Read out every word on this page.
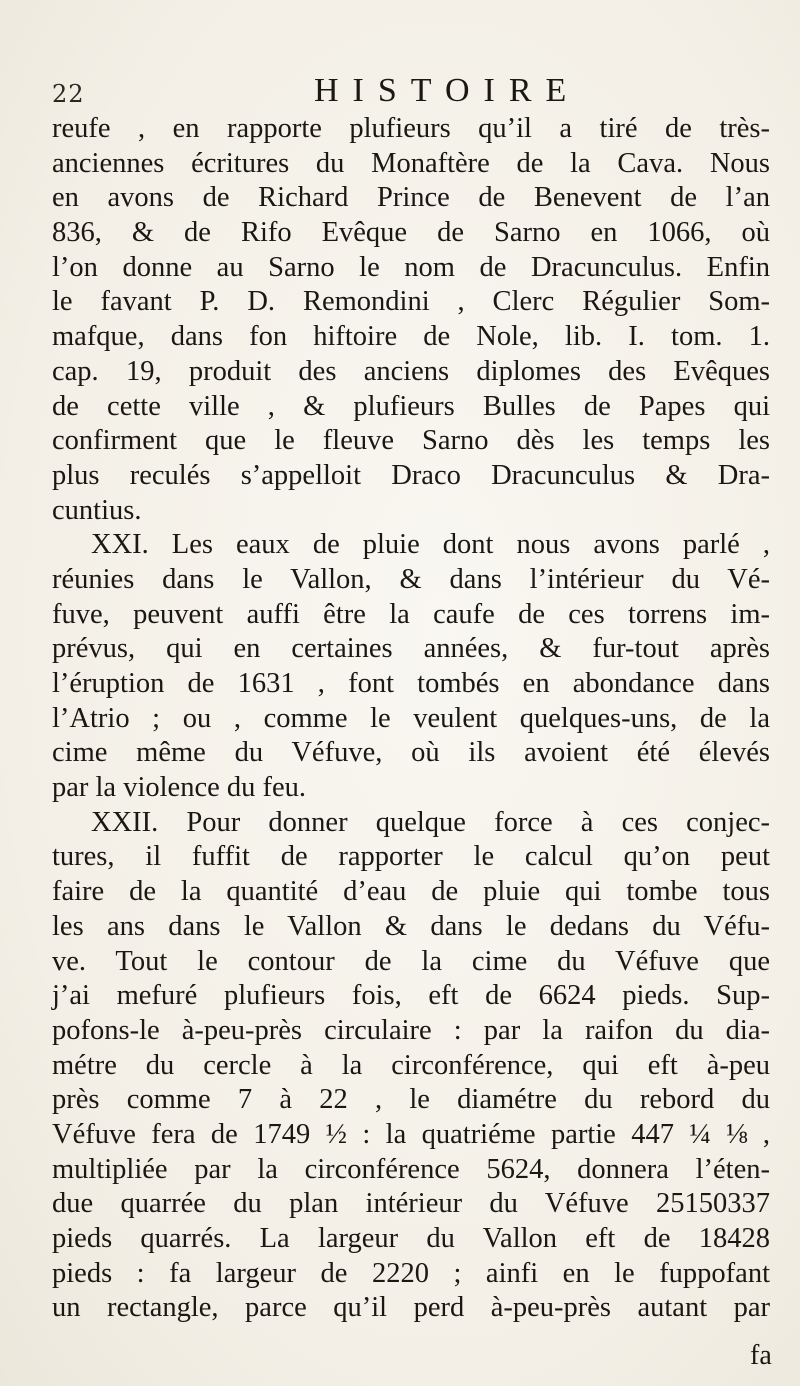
22	HISTOIRE
reufe , en rapporte plufieurs qu’il a tiré de très-
anciennes écritures du Monaftère de la Cava. Nous
en avons de Richard Prince de Benevent de l’an
836, & de Rifo Evêque de Sarno en 1066, où
l’on donne au Sarno le nom de Dracunculus. Enfin
le favant P. D. Remondini , Clerc Régulier Som-
mafque, dans fon hiftoire de Nole, lib. I. tom. 1.
cap. 19, produit des anciens diplomes des Evêques
de cette ville , & plufieurs Bulles de Papes qui
confirment que le fleuve Sarno dès les temps les
plus reculés s’appelloit Draco Dracunculus & Dra-
cuntius.
XXI. Les eaux de pluie dont nous avons parlé ,
réunies dans le Vallon, & dans l’intérieur du Vé-
fuve, peuvent auffi être la caufe de ces torrens im-
prévus, qui en certaines années, & fur-tout après
l’éruption de 1631 , font tombés en abondance dans
l’Atrio ; ou , comme le veulent quelques-uns, de la
cime même du Véfuve, où ils avoient été élevés
par la violence du feu.
XXII. Pour donner quelque force à ces conjec-
tures, il fuffit de rapporter le calcul qu’on peut
faire de la quantité d’eau de pluie qui tombe tous
les ans dans le Vallon & dans le dedans du Véfu-
ve. Tout le contour de la cime du Véfuve que
j’ai mefuré plufieurs fois, eft de 6624 pieds. Sup-
pofons-le à-peu-près circulaire : par la raifon du dia-
métre du cercle à la circonférence, qui eft à-peu
près comme 7 à 22 , le diamétre du rebord du
Véfuve fera de 1749 ½ : la quatriéme partie 447 ¼ ⅛ ,
multipliée par la circonférence 5624, donnera l’éten-
due quarrée du plan intérieur du Véfuve 25150337
pieds quarrés. La largeur du Vallon eft de 18428
pieds : fa largeur de 2220 ; ainfi en le fuppofant
un rectangle, parce qu’il perd à-peu-près autant par
fa
